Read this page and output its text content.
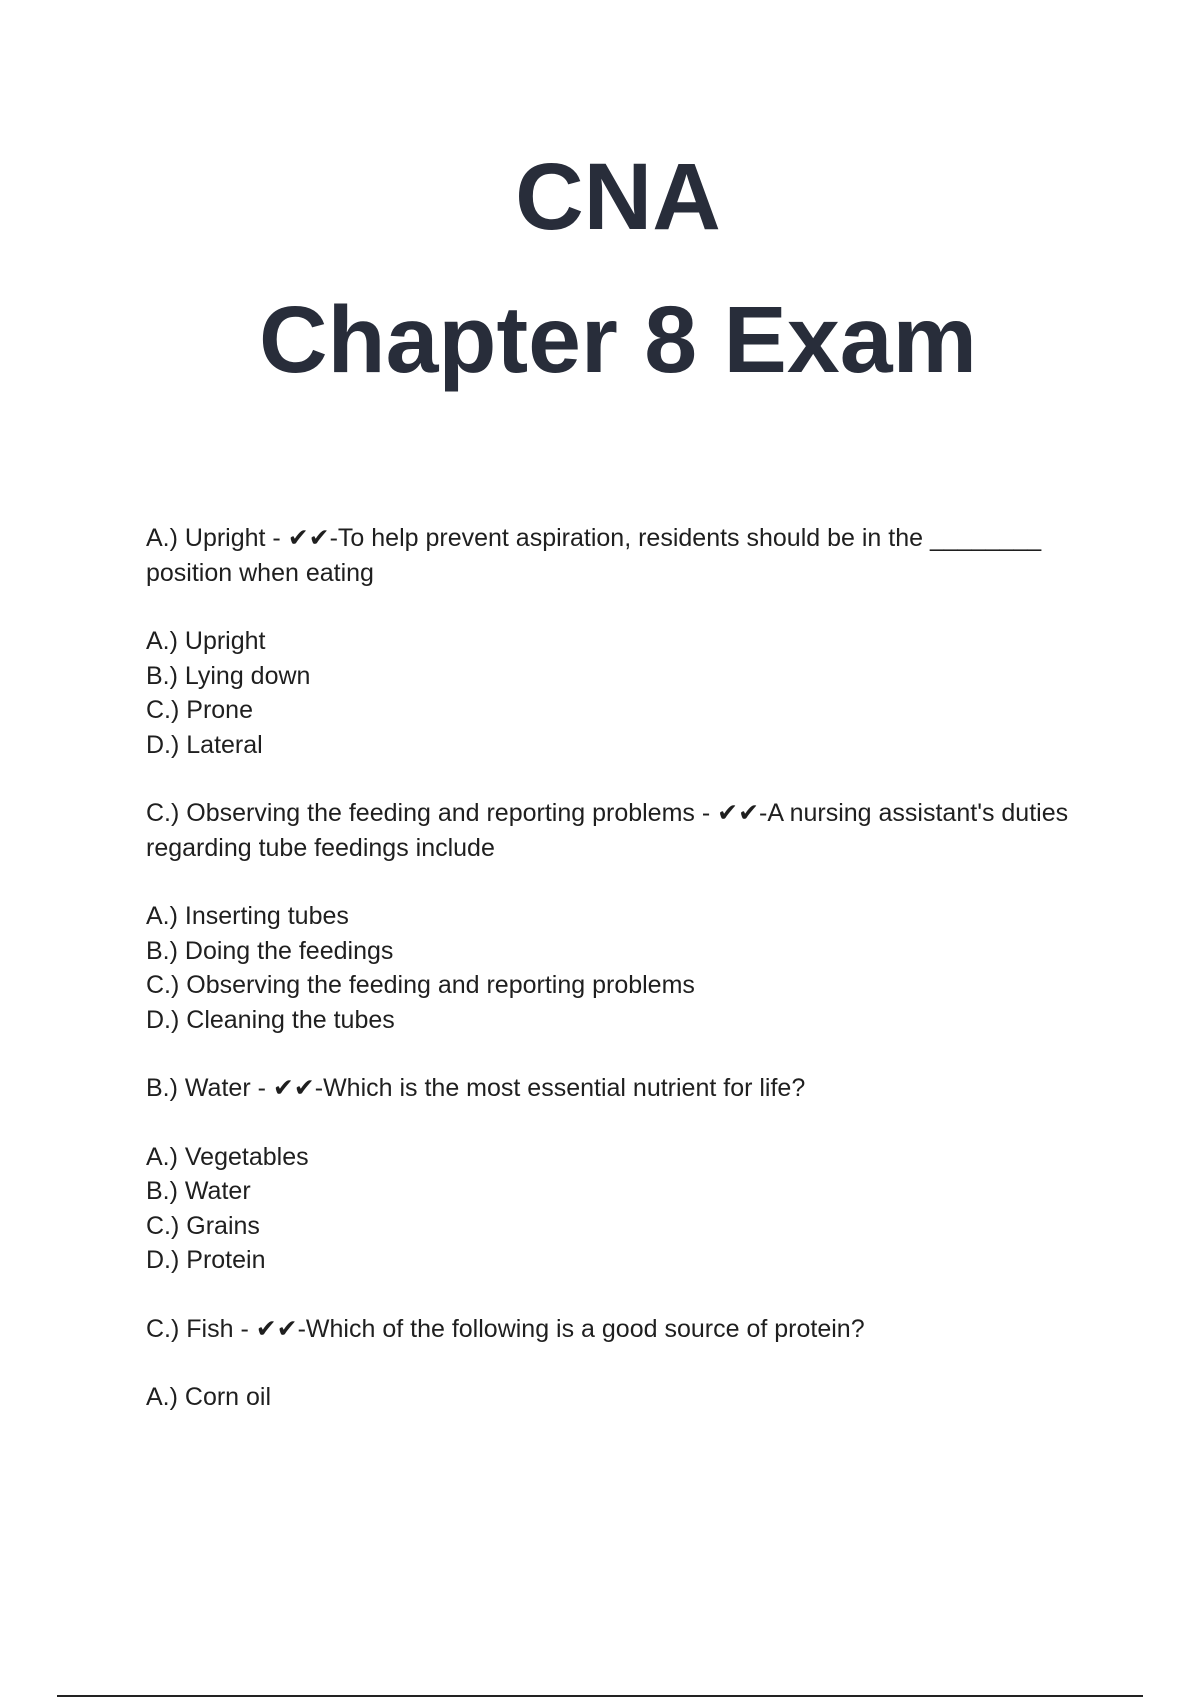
CNA
Chapter 8 Exam

A.) Upright - ✔✔-To help prevent aspiration, residents should be in the ________ position when eating

A.) Upright
B.) Lying down
C.) Prone
D.) Lateral

C.) Observing the feeding and reporting problems - ✔✔-A nursing assistant's duties regarding tube feedings include

A.) Inserting tubes
B.) Doing the feedings
C.) Observing the feeding and reporting problems
D.) Cleaning the tubes

B.) Water - ✔✔-Which is the most essential nutrient for life?

A.) Vegetables
B.) Water
C.) Grains
D.) Protein

C.) Fish - ✔✔-Which of the following is a good source of protein?

A.) Corn oil
